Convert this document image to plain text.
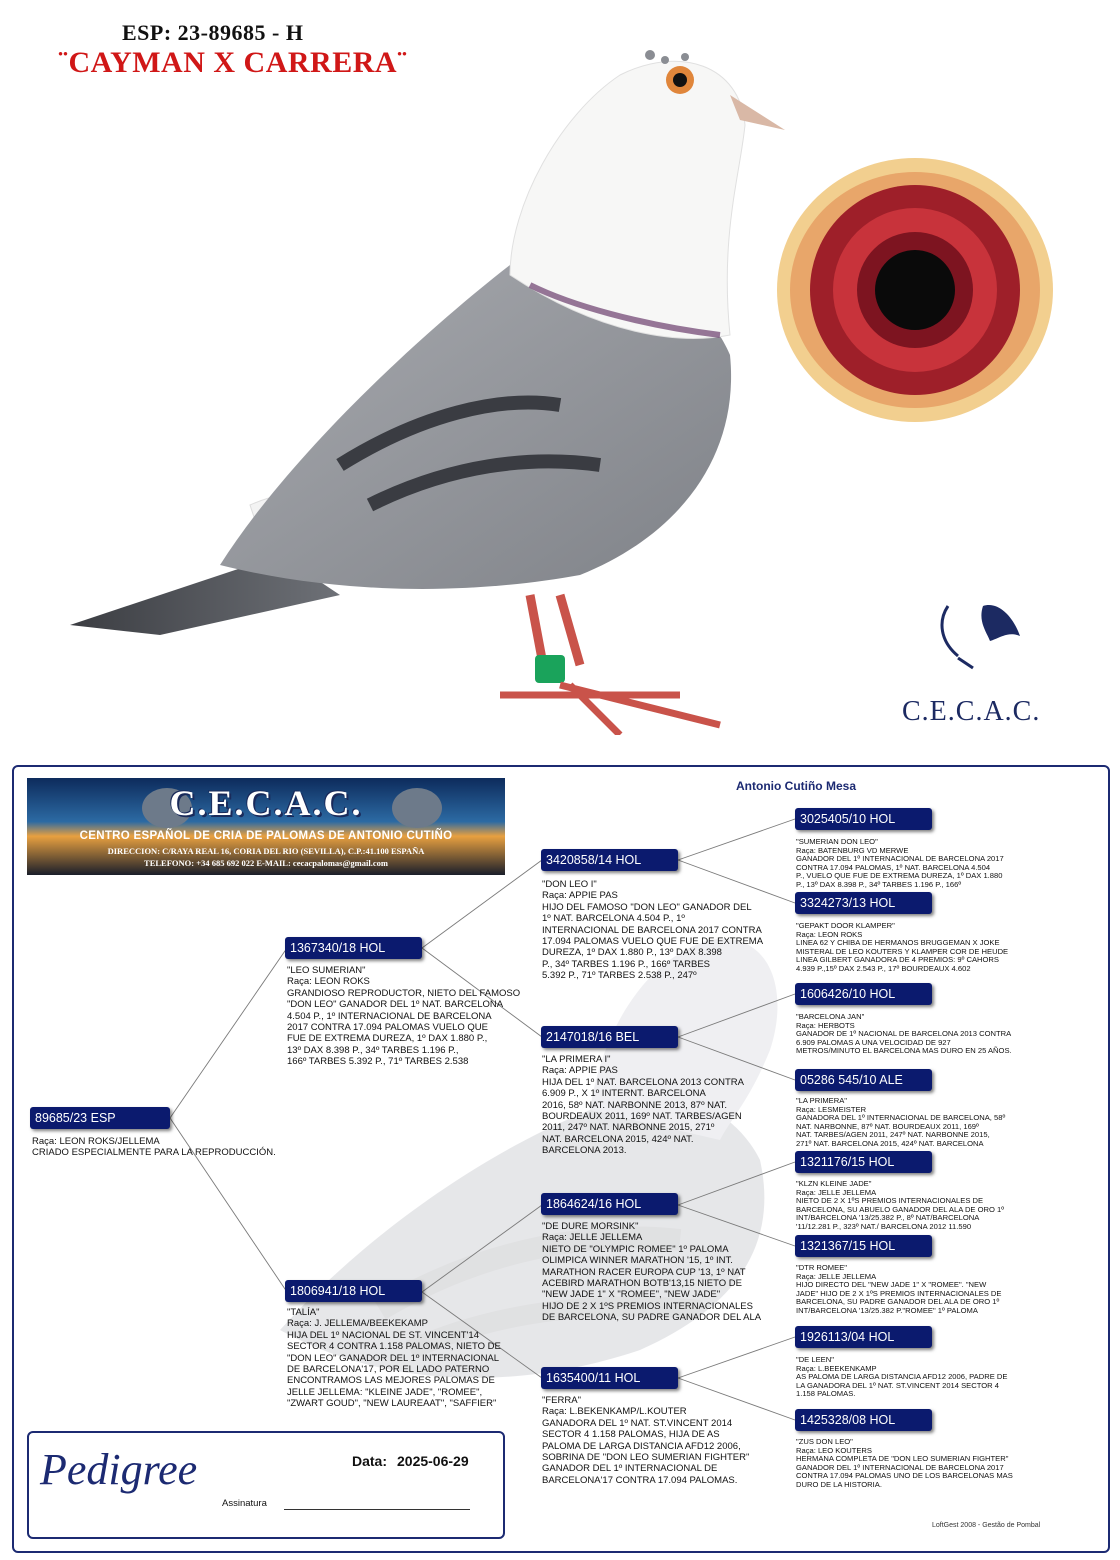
ESP: 23-89685 - H
¨CAYMAN X CARRERA¨
C.E.C.A.C.
Antonio Cutiño Mesa
C.E.C.A.C.
CENTRO ESPAÑOL DE CRIA DE PALOMAS DE ANTONIO CUTIÑO
DIRECCION: C/RAYA REAL 16, CORIA DEL RIO (SEVILLA), C.P.:41.100 ESPAÑA
TELEFONO: +34 685 692 022 E-MAIL: cecacpalomas@gmail.com
89685/23 ESP
Raça: LEON ROKS/JELLEMA
CRIADO ESPECIALMENTE PARA LA REPRODUCCIÓN.
1367340/18 HOL
"LEO SUMERIAN"
Raça: LEON ROKS
GRANDIOSO REPRODUCTOR, NIETO DEL FAMOSO
"DON LEO" GANADOR DEL 1º NAT. BARCELONA
4.504 P., 1º INTERNACIONAL DE BARCELONA
2017 CONTRA 17.094 PALOMAS VUELO QUE
FUE DE EXTREMA DUREZA, 1º DAX 1.880 P.,
13º DAX 8.398 P., 34º TARBES 1.196 P.,
166º TARBES 5.392 P., 71º TARBES 2.538
1806941/18 HOL
"TALÍA"
Raça: J. JELLEMA/BEEKEKAMP
HIJA DEL 1º NACIONAL DE ST. VINCENT'14
SECTOR 4 CONTRA 1.158 PALOMAS, NIETO DE
"DON LEO" GANADOR DEL 1º INTERNACIONAL
DE BARCELONA'17, POR EL LADO PATERNO
ENCONTRAMOS LAS MEJORES PALOMAS DE
JELLE JELLEMA: "KLEINE JADE", "ROMEE",
"ZWART GOUD", "NEW LAUREAAT", "SAFFIER"
3420858/14 HOL
"DON LEO I"
Raça: APPIE PAS
HIJO DEL FAMOSO "DON LEO" GANADOR DEL
1º NAT. BARCELONA 4.504 P., 1º
INTERNACIONAL DE BARCELONA 2017 CONTRA
17.094 PALOMAS VUELO QUE FUE DE EXTREMA
DUREZA, 1º DAX 1.880 P., 13º DAX 8.398
P., 34º TARBES 1.196 P., 166º TARBES
5.392 P., 71º TARBES 2.538 P., 247º
2147018/16 BEL
"LA PRIMERA I"
Raça: APPIE PAS
HIJA DEL 1º NAT. BARCELONA 2013 CONTRA
6.909 P., X 1º INTERNT. BARCELONA
2016, 58º NAT. NARBONNE 2013, 87º NAT.
BOURDEAUX 2011, 169º NAT. TARBES/AGEN
2011, 247º NAT. NARBONNE 2015, 271º
NAT. BARCELONA 2015, 424º NAT.
BARCELONA 2013.
1864624/16 HOL
"DE DURE MORSINK"
Raça: JELLE JELLEMA
NIETO DE "OLYMPIC ROMEE" 1º PALOMA
OLIMPICA WINNER MARATHON '15, 1º INT.
MARATHON RACER EUROPA CUP '13, 1º NAT
ACEBIRD MARATHON BOTB'13,15 NIETO DE
"NEW JADE 1" X "ROMEE", "NEW JADE"
HIJO DE 2 X 1ºS PREMIOS INTERNACIONALES
DE BARCELONA, SU PADRE GANADOR DEL ALA
1635400/11 HOL
"FERRA"
Raça: L.BEKENKAMP/L.KOUTER
GANADORA DEL 1º NAT. ST.VINCENT 2014
SECTOR 4 1.158 PALOMAS, HIJA DE AS
PALOMA DE LARGA DISTANCIA AFD12 2006,
SOBRINA DE "DON LEO SUMERIAN FIGHTER"
GANADOR DEL 1º INTERNACIONAL DE
BARCELONA'17 CONTRA 17.094 PALOMAS.
3025405/10 HOL
"SUMERIAN DON LEO"
Raça: BATENBURG VD MERWE
GANADOR DEL 1º INTERNACIONAL DE BARCELONA 2017
CONTRA 17.094 PALOMAS, 1º NAT. BARCELONA 4.504
P., VUELO QUE FUE DE EXTREMA DUREZA, 1º DAX 1.880
P., 13º DAX 8.398 P., 34º TARBES 1.196 P., 166º
3324273/13 HOL
"GEPAKT DOOR KLAMPER"
Raça: LEON ROKS
LINEA 62 Y CHIBA DE HERMANOS BRUGGEMAN X JOKE
MISTERAL DE LEO KOUTERS Y KLAMPER COR DE HEUDE
LINEA GILBERT GANADORA DE 4 PREMIOS: 9º CAHORS
4.939 P.,15º DAX 2.543 P., 17º BOURDEAUX 4.602
1606426/10 HOL
"BARCELONA JAN"
Raça: HERBOTS
GANADOR DE 1º NACIONAL DE BARCELONA 2013 CONTRA
6.909 PALOMAS A UNA VELOCIDAD DE 927
METROS/MINUTO EL BARCELONA MAS DURO EN 25 AÑOS.
05286 545/10 ALE
"LA PRIMERA"
Raça: LESMEISTER
GANADORA DEL 1º INTERNACIONAL DE BARCELONA, 58º
NAT. NARBONNE, 87º NAT. BOURDEAUX 2011, 169º
NAT. TARBES/AGEN 2011, 247º NAT. NARBONNE 2015,
271º NAT. BARCELONA 2015, 424º NAT. BARCELONA
1321176/15 HOL
"KLZN KLEINE JADE"
Raça: JELLE JELLEMA
NIETO DE 2 X 1ºS PREMIOS INTERNACIONALES DE
BARCELONA, SU ABUELO GANADOR DEL ALA DE ORO 1º
INT/BARCELONA '13/25.382 P., 8º NAT/BARCELONA
'11/12.281 P., 323º NAT./ BARCELONA 2012 11.590
1321367/15 HOL
"DTR ROMEE"
Raça: JELLE JELLEMA
HIJO DIRECTO DEL "NEW JADE 1" X "ROMEE". "NEW
JADE" HIJO DE 2 X 1ºS PREMIOS INTERNACIONALES DE
BARCELONA, SU PADRE GANADOR DEL ALA DE ORO 1º
INT/BARCELONA '13/25.382 P."ROMEE" 1º PALOMA
1926113/04 HOL
"DE LEEN"
Raça: L.BEEKENKAMP
AS PALOMA DE LARGA DISTANCIA AFD12 2006, PADRE DE
LA GANADORA DEL 1º NAT. ST.VINCENT 2014 SECTOR 4
1.158 PALOMAS.
1425328/08 HOL
"ZUS DON LEO"
Raça: LEO KOUTERS
HERMANA COMPLETA DE "DON LEO SUMERIAN FIGHTER"
GANADOR DEL 1º INTERNACIONAL DE BARCELONA 2017
CONTRA 17.094 PALOMAS UNO DE LOS BARCELONAS MAS
DURO DE LA HISTORIA.
Pedigree	Data: 2025-06-29
Assinatura
LoftGest 2008 - Gestão de Pombal
